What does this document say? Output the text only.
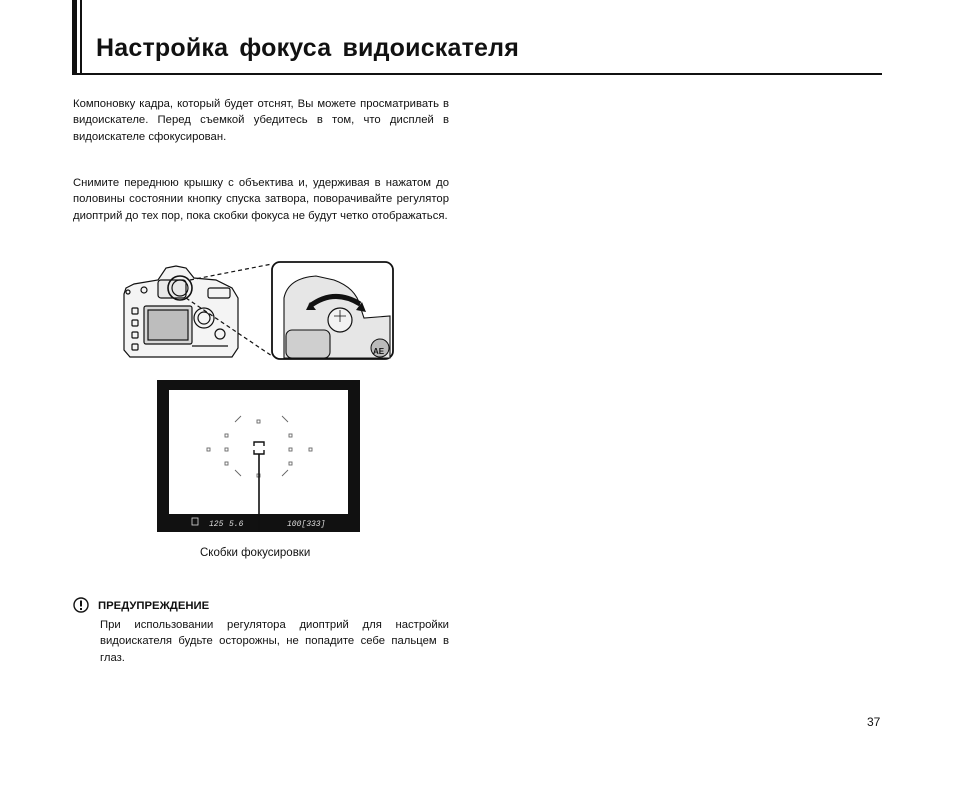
Настройка фокуса видоискателя

Компоновку кадра, который будет отснят, Вы можете просматривать в видоискателе. Перед съемкой убедитесь в том, что дисплей в видоискателе сфокусирован.

Снимите переднюю крышку с объектива и, удерживая в нажатом до половины состоянии кнопку спуска затвора, поворачивайте регулятор диоптрий до тех пор, пока скобки фокуса не будут четко отображаться.

AE
125 5.6	100[333]

Скобки фокусировки

ПРЕДУПРЕЖДЕНИЕ

При использовании регулятора диоптрий для настройки видоискателя будьте осторожны, не попадите себе пальцем в глаз.

37
